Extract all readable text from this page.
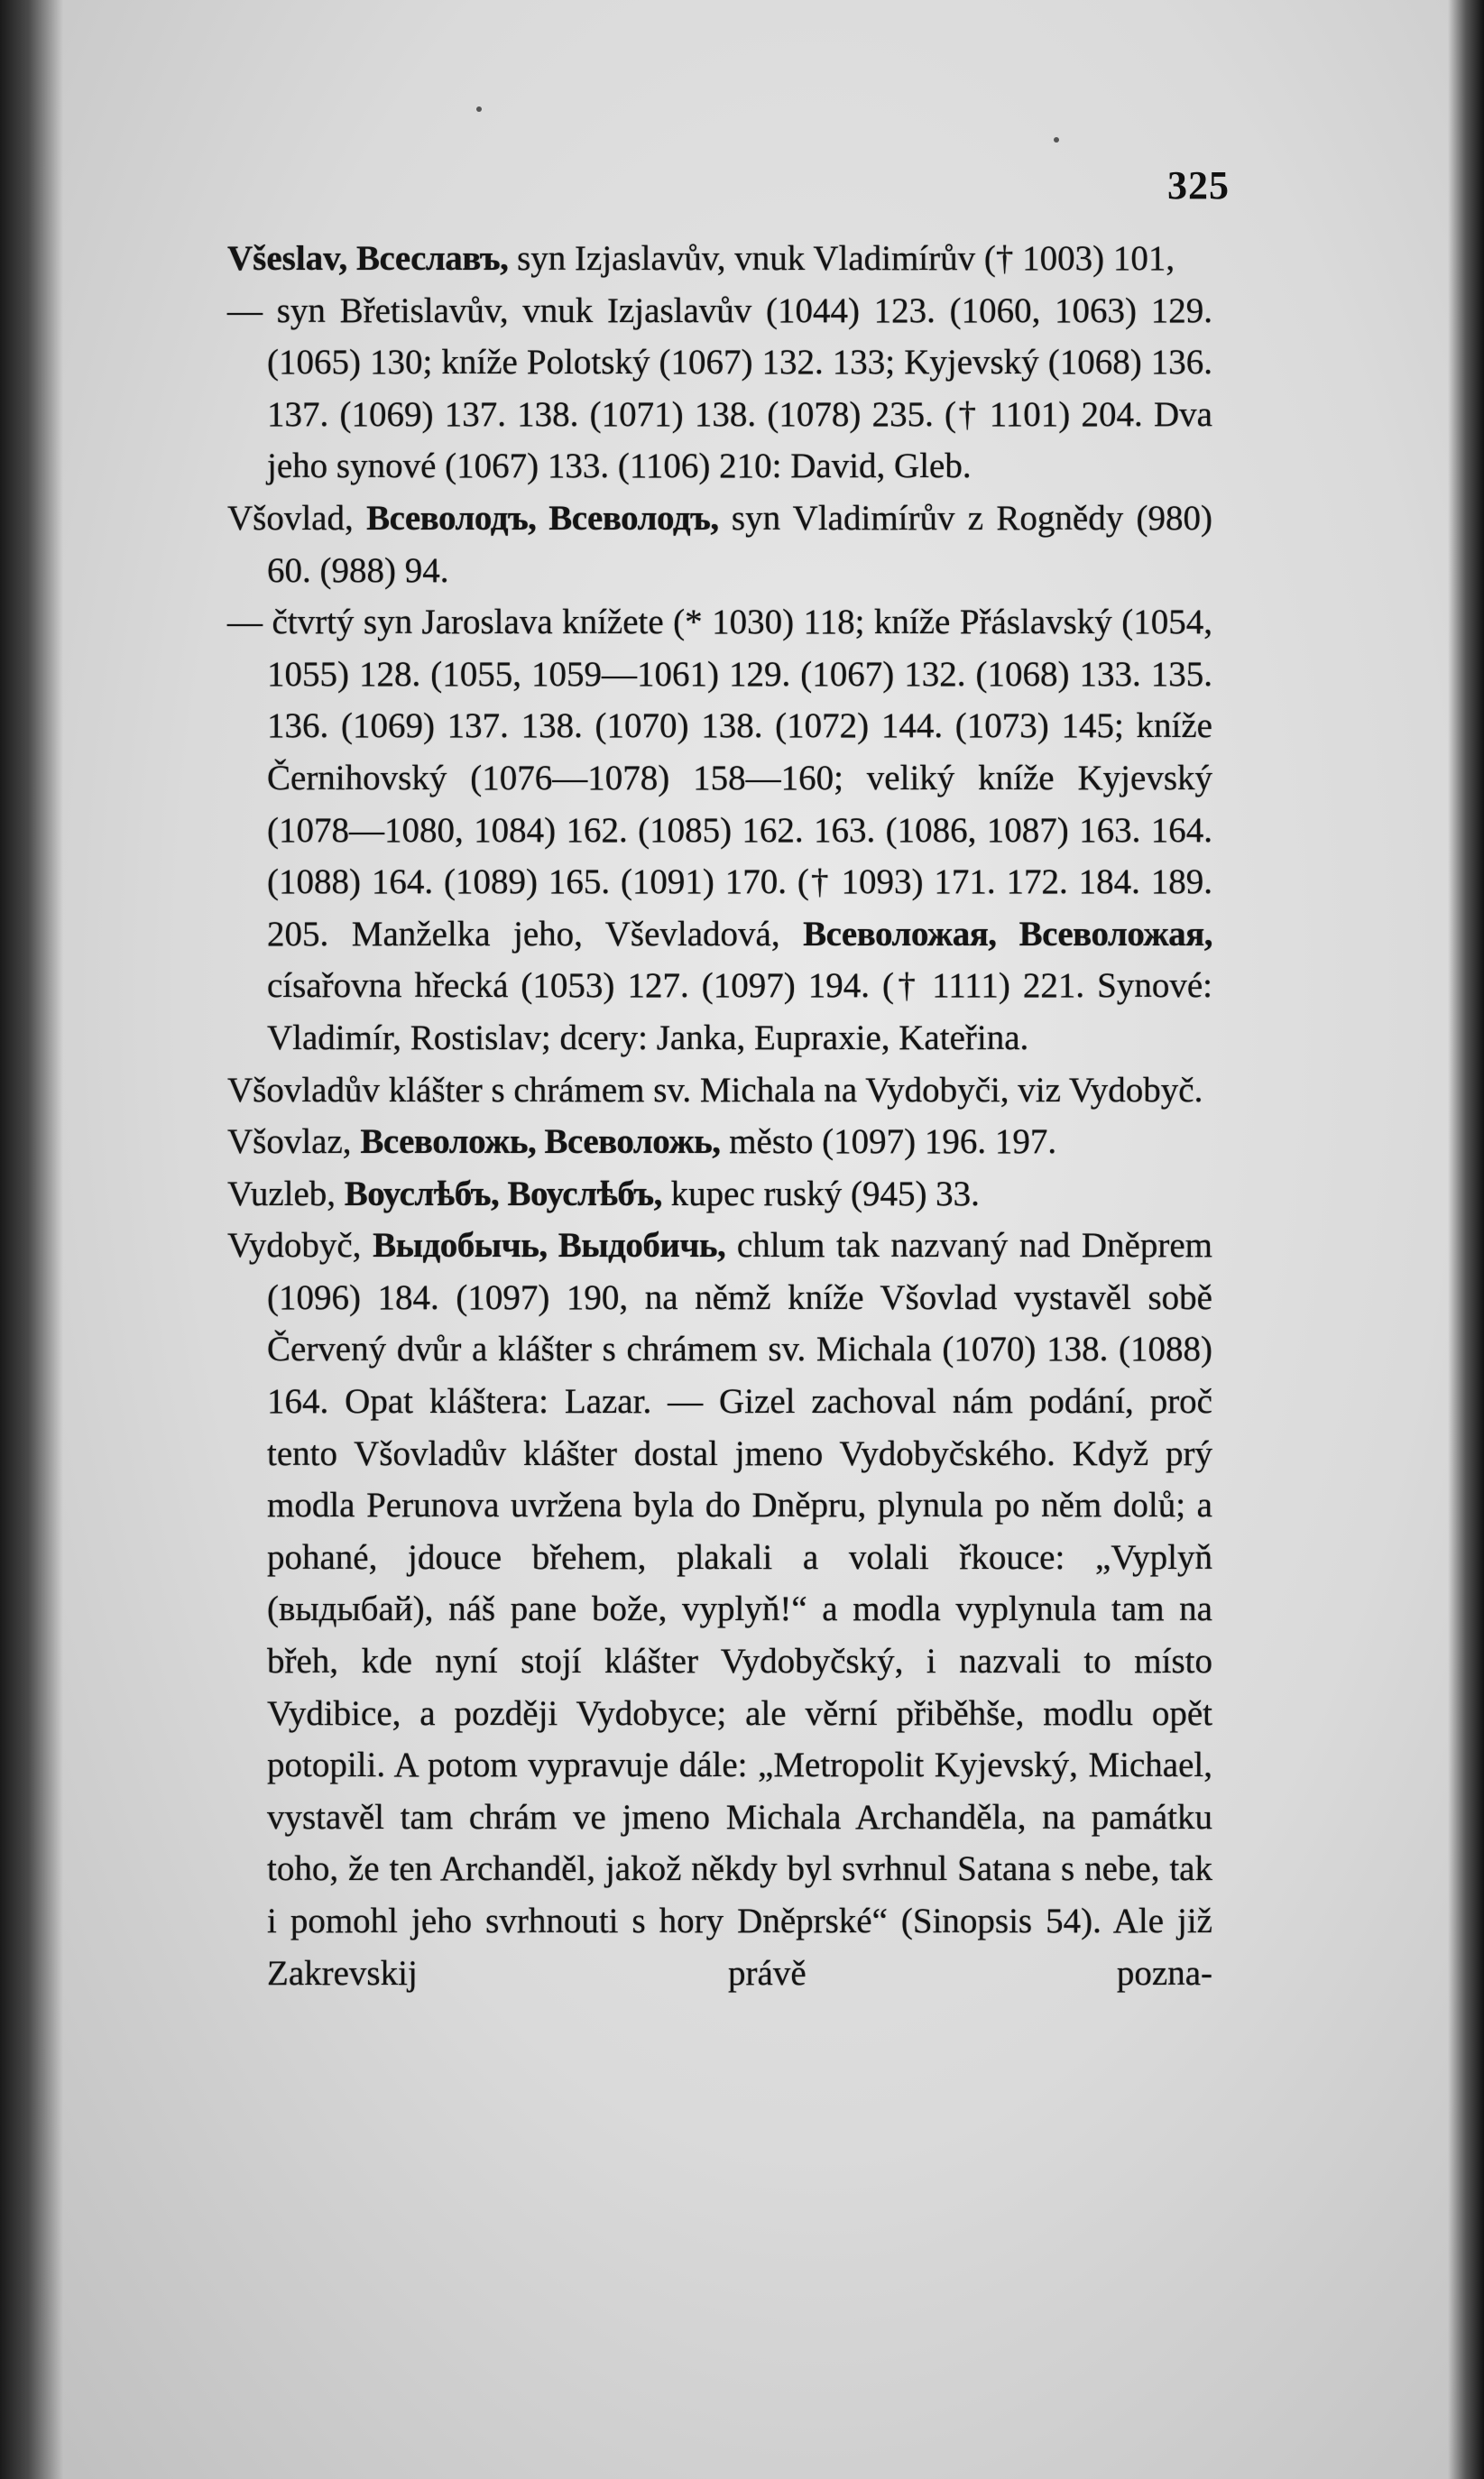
325

Všeslav, Всеславъ, syn Izjaslavův, vnuk Vladimírův († 1003) 101,

— syn Břetislavův, vnuk Izjaslavův (1044) 123. (1060, 1063) 129. (1065) 130; kníže Polotský (1067) 132. 133; Kyjevský (1068) 136. 137. (1069) 137. 138. (1071) 138. (1078) 235. († 1101) 204. Dva jeho synové (1067) 133. (1106) 210: David, Gleb.

Všovlad, Всеволодъ, Всеволодъ, syn Vladimírův z Rognědy (980) 60. (988) 94.

— čtvrtý syn Jaroslava knížete (* 1030) 118; kníže Přáslavský (1054, 1055) 128. (1055, 1059—1061) 129. (1067) 132. (1068) 133. 135. 136. (1069) 137. 138. (1070) 138. (1072) 144. (1073) 145; kníže Černihovský (1076—1078) 158—160; veliký kníže Kyjevský (1078—1080, 1084) 162. (1085) 162. 163. (1086, 1087) 163. 164. (1088) 164. (1089) 165. (1091) 170. († 1093) 171. 172. 184. 189. 205. Manželka jeho, Vševladová, Всеволожая, Всеволожая, císařovna hřecká (1053) 127. (1097) 194. († 1111) 221. Synové: Vladimír, Rostislav; dcery: Janka, Eupraxie, Kateřina.

Všovladův klášter s chrámem sv. Michala na Vydobyči, viz Vydobyč.

Všovlaz, Всеволожь, Всеволожь, město (1097) 196. 197.

Vuzleb, Воуслѣбъ, Воуслѣбъ, kupec ruský (945) 33.

Vydobyč, Выдобычь, Выдобичь, chlum tak nazvaný nad Dněprem (1096) 184. (1097) 190, na němž kníže Všovlad vystavěl sobě Červený dvůr a klášter s chrámem sv. Michala (1070) 138. (1088) 164. Opat kláštera: Lazar. — Gizel zachoval nám podání, proč tento Všovladův klášter dostal jmeno Vydobyčského. Když prý modla Perunova uvržena byla do Dněpru, plynula po něm dolů; a pohané, jdouce břehem, plakali a volali řkouce: „Vyplyň (выдыбай), náš pane bože, vyplyň!“ a modla vyplynula tam na břeh, kde nyní stojí klášter Vydobyčský, i nazvali to místo Vydibice, a později Vydobyce; ale věrní přiběhše, modlu opět potopili. A potom vypravuje dále: „Metropolit Kyjevský, Michael, vystavěl tam chrám ve jmeno Michala Archanděla, na památku toho, že ten Archanděl, jakož někdy byl svrhnul Satana s nebe, tak i pomohl jeho svrhnouti s hory Dněprské“ (Sinopsis 54). Ale již Zakrevskij právě pozna-
